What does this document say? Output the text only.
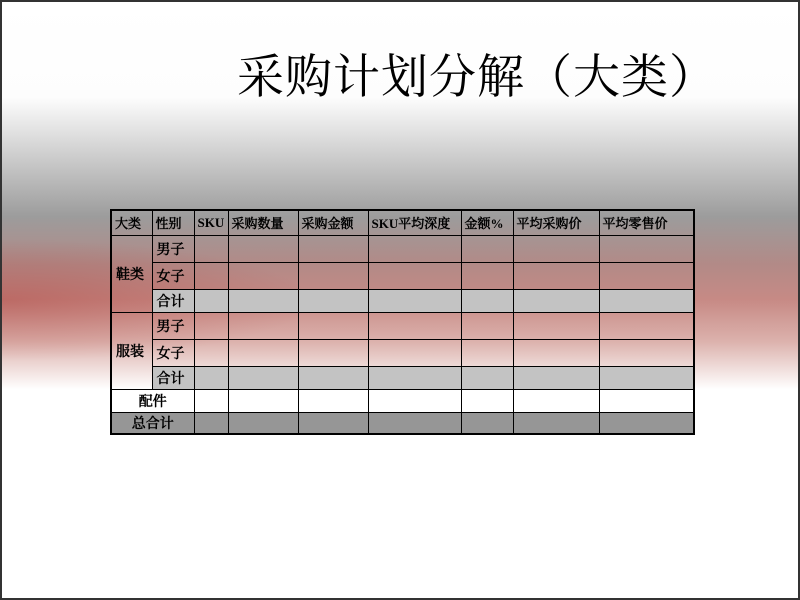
采购计划分解（大类）
大类	性别	SKU	采购数量	采购金额	SKU平均深度	金额%	平均采购价	平均零售价
鞋类	男子							
	女子							
	合计							
服装	男子							
	女子							
	合计							
配件								
总合计								
